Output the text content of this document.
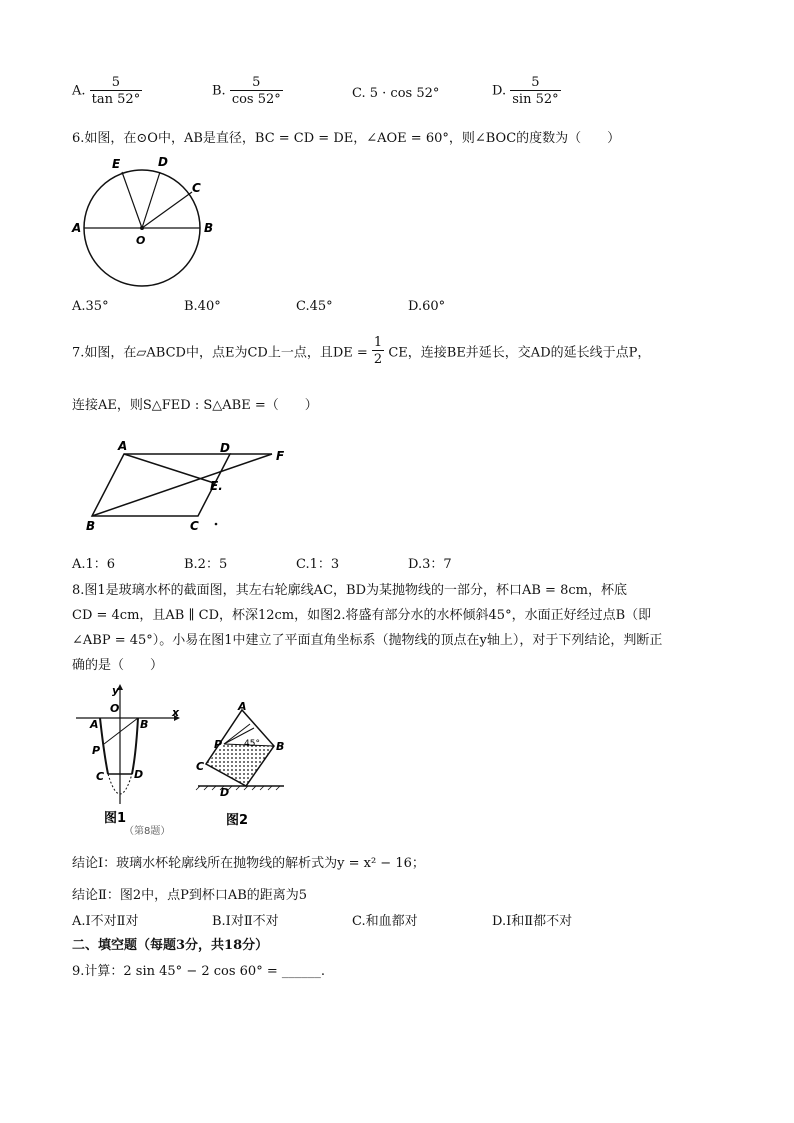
A. $\frac{5}{\tan 52^\circ}$	B. $\frac{5}{\cos 52^\circ}$	C. 5 · cos 52°	D. $\frac{5}{\sin 52^\circ}$
6.如图，在⊙O中，AB是直径，BC = CD = DE，∠AOE = 60°，则∠BOC的度数为（　　）
A	B
C
D
E
O
A.35°	B.40°	C.45°	D.60°
7.如图，在▱ABCD中，点E为CD上一点，且DE = $\frac{1}{2}$ CE，连接BE并延长，交AD的延长线于点P，
连接AE，则S△FED : S△ABE =（　　）
A	D
F
E.
B	C
A.1：6	B.2：5	C.1：3	D.3：7
8.图1是玻璃水杯的截面图，其左右轮廓线AC，BD为某抛物线的一部分，杯口AB = 8cm，杯底
CD = 4cm，且AB ∥ CD，杯深12cm，如图2.将盛有部分水的水杯倾斜45°，水面正好经过点B（即
∠ABP = 45°）。小易在图1中建立了平面直角坐标系（抛物线的顶点在y轴上），对于下列结论，判断正
确的是（　　）
y
x
O
A	B
P
C	D
图1
（第8题）
A
P 45° B
C
D
图2
结论Ⅰ：玻璃水杯轮廓线所在抛物线的解析式为y = x² − 16；
结论Ⅱ：图2中，点P到杯口AB的距离为5
A.Ⅰ不对Ⅱ对	B.Ⅰ对Ⅱ不对	C.和血都对	D.Ⅰ和Ⅱ都不对
二、填空题（每题3分，共18分）
9.计算：2 sin 45° − 2 cos 60° = ______.
